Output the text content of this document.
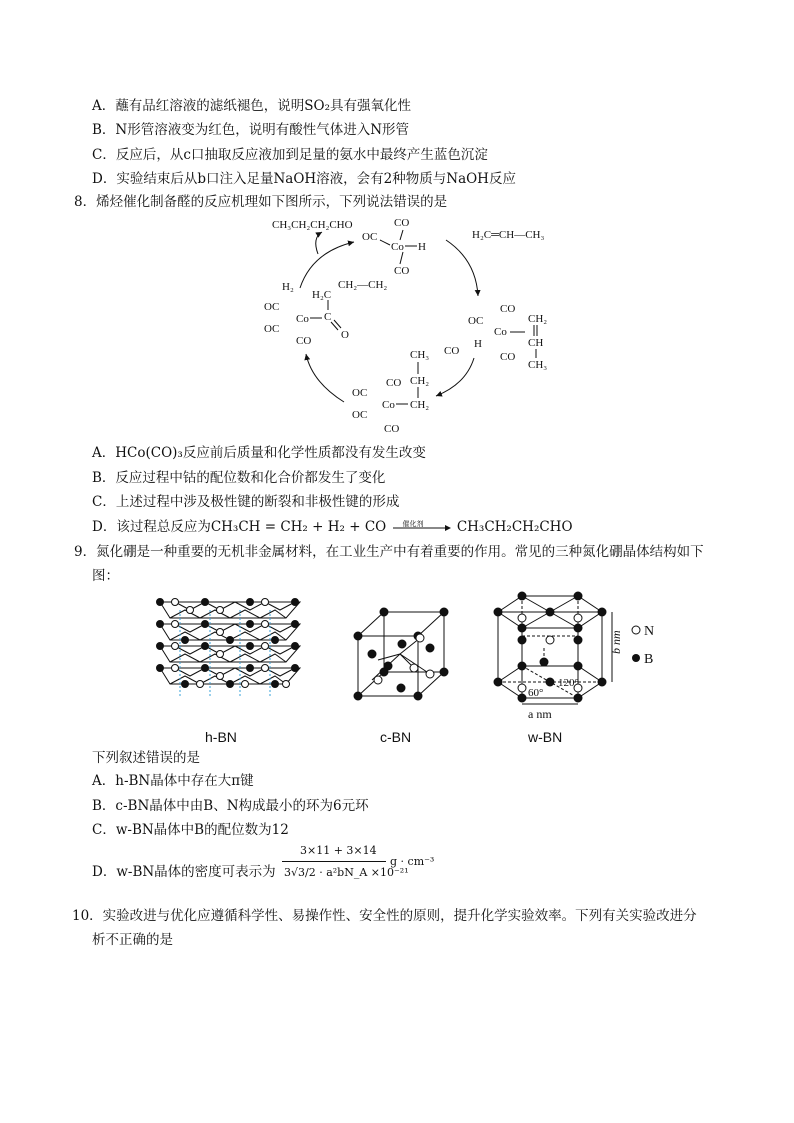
A．蘸有品红溶液的滤纸褪色，说明SO₂具有强氧化性
B．N形管溶液变为红色，说明有酸性气体进入N形管
C．反应后，从c口抽取反应液加到足量的氨水中最终产生蓝色沉淀
D．实验结束后从b口注入足量NaOH溶液，会有2种物质与NaOH反应
8．烯烃催化制备醛的反应机理如下图所示，下列说法错误的是
CH₃CH₂CH₂CHO
H₂
OC
CO
Co H
CO
H₂C═CH—CH₃
OC
CO
Co
H
CO
CH₂
CH
CH₃
CO
OC
OC
CO
Co
CO
CH₃
CH₂
CH₂
OC
OC
Co
CO
H₂C
CH₂—CH₂
C
O
A．HCo(CO)₃反应前后质量和化学性质都没有发生改变
B．反应过程中钴的配位数和化合价都发生了变化
C．上述过程中涉及极性键的断裂和非极性键的形成
D．该过程总反应为CH₃CH = CH₂ + H₂ + CO 催化剂 CH₃CH₂CH₂CHO
9．氮化硼是一种重要的无机非金属材料，在工业生产中有着重要的作用。常见的三种氮化硼晶体结构如下
图：
b nm
a nm
60°
120°
N
B
h-BN	c-BN	w-BN
下列叙述错误的是
A．h-BN晶体中存在大π键
B．c-BN晶体中由B、N构成最小的环为6元环
C．w-BN晶体中B的配位数为12
D．w-BN晶体的密度可表示为
3×11 + 3×14
3√3/2 · a²bN_A ×10⁻²¹
g · cm⁻³
10．实验改进与优化应遵循科学性、易操作性、安全性的原则，提升化学实验效率。下列有关实验改进分
析不正确的是
